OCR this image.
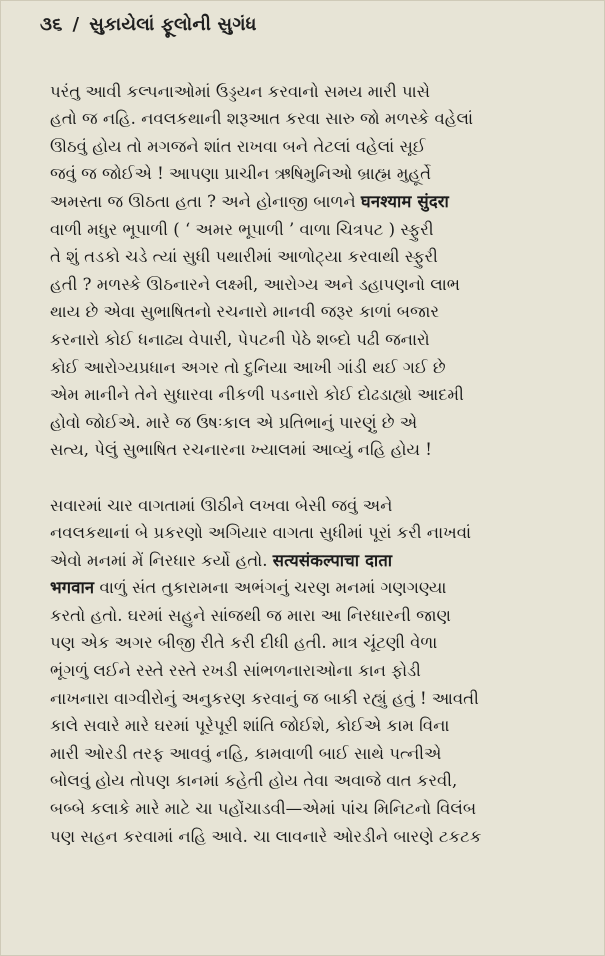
૩૬ / સુકાયેલાં ફૂલોની સુગંધ

પરંતુ આવી કલ્પનાઓમાં ઉડ્ડયન કરવાનો સમય મારી પાસે
હતો જ નહિ. નવલકથાની શરૂઆત કરવા સારુ જો મળસ્કે વહેલાં
ઊઠવું હોય તો મગજને શાંત રાખવા બને તેટલાં વહેલાં સૂઈ
જવું જ જોઈએ ! આપણા પ્રાચીન ઋષિમુનિઓ બ્રાહ્મ મુહૂર્તે
અમસ્તા જ ઊઠતા હતા ? અને હોનાજી બાળને घनश्याम सुंदरा
વાળી મધુર ભૂપાળી ( ‘ અમર ભૂપાળી ’ વાળા ચિત્રપટ ) સ્ફુરી
તે શું તડકો ચડે ત્યાં સુધી પથારીમાં આળોટ્યા કરવાથી સ્ફુરી
હતી ? મળસ્કે ઊઠનારને લક્ષ્મી, આરોગ્ય અને ડહાપણનો લાભ
થાય છે એવા સુભાષિતનો રચનારો માનવી જરૂર કાળાં બજાર
કરનારો કોઈ ધનાઢ્ય વેપારી, પેપટની પેઠે શબ્દો પઢી જનારો
કોઈ આરોગ્યપ્રધાન અગર તો દુનિયા આખી ગાંડી થઈ ગઈ છે
એમ માનીને તેને સુધારવા નીકળી પડનારો કોઈ દોઢડાહ્યો આદમી
હોવો જોઈએ. મારે જ ઉષઃકાલ એ પ્રતિભાનું પારણું છે એ
સત્ય, પેલું સુભાષિત રચનારના ખ્યાલમાં આવ્યું નહિ હોય !

સવારમાં ચાર વાગતામાં ઊઠીને લખવા બેસી જવું અને
નવલકથાનાં બે પ્રકરણો અગિયાર વાગતા સુધીમાં પૂરાં કરી નાખવાં
એવો મનમાં મેં નિરધાર કર્યો હતો. सत्यसंकल्पाचा दाता
भगवान વાળું સંત તુકારામના અભંગનું ચરણ મનમાં ગણગણ્યા
કરતો હતો. ઘરમાં સહુને સાંજથી જ મારા આ નિરધારની જાણ
પણ એક અગર બીજી રીતે કરી દીધી હતી. માત્ર ચૂંટણી વેળા
ભૂંગળું લઈને રસ્તે રસ્તે રખડી સાંભળનારાઓના કાન ફોડી
નાખનારા વાગ્વીરોનું અનુકરણ કરવાનું જ બાકી રહ્યું હતું ! આવતી
કાલે સવારે મારે ઘરમાં પૂરેપૂરી શાંતિ જોઈશે, કોઈએ કામ વિના
મારી ઓરડી તરફ આવવું નહિ, કામવાળી બાઈ સાથે પત્નીએ
બોલવું હોય તોપણ કાનમાં કહેતી હોય તેવા અવાજે વાત કરવી,
બબ્બે કલાકે મારે માટે ચા પહોંચાડવી—એમાં પાંચ મિનિટનો વિલંબ
પણ સહન કરવામાં નહિ આવે. ચા લાવનારે ઓરડીને બારણે ટકટક
